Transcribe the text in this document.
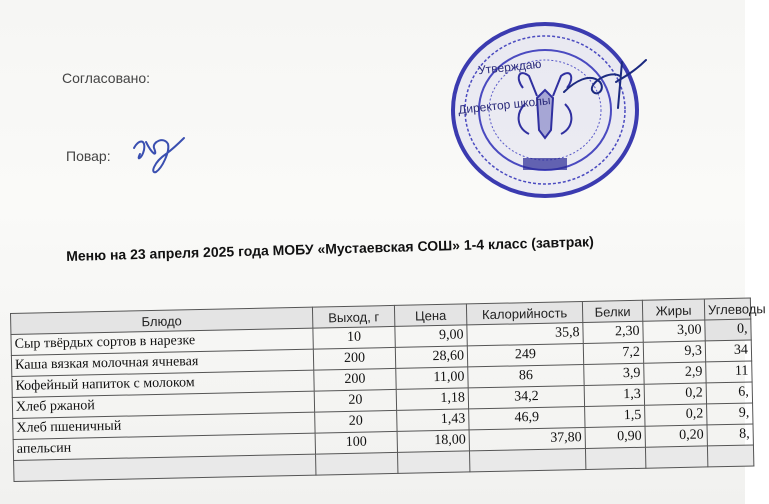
Согласовано:
Повар:
Утверждаю
Директор школы
Меню на 23 апреля 2025 года МОБУ «Мустаевская СОШ» 1-4 класс (завтрак)
Блюдо	Выход, г	Цена	Калорийность	Белки	Жиры	Углеводы
Сыр твёрдых сортов в нарезке	10	9,00	35,8	2,30	3,00	0,
Каша вязкая молочная ячневая	200	28,60	249	7,2	9,3	34
Кофейный напиток с молоком	200	11,00	86	3,9	2,9	11
Хлеб ржаной	20	1,18	34,2	1,3	0,2	6,
Хлеб пшеничный	20	1,43	46,9	1,5	0,2	9,
апельсин	100	18,00	37,80	0,90	0,20	8,
